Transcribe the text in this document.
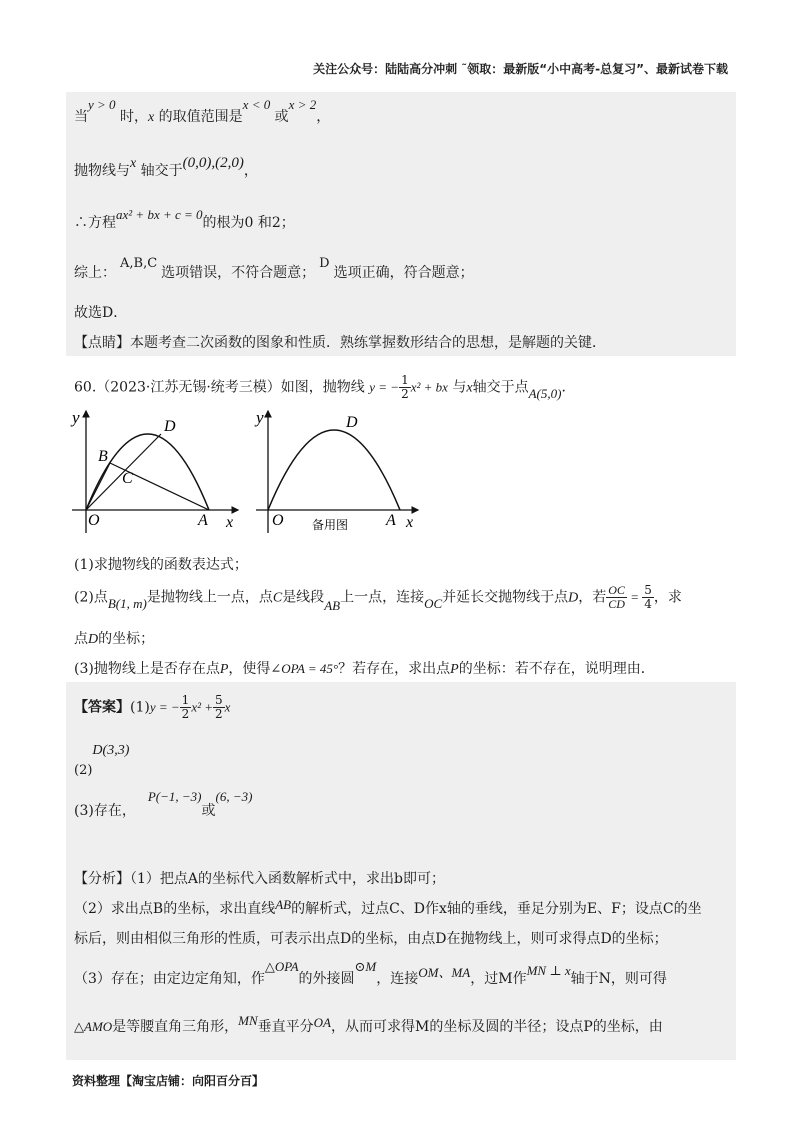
关注公众号：陆陆高分冲刺 ˜领取：最新版“小中高考-总复习”、最新试卷下载
当y > 0 时，x 的取值范围是x < 0 或x > 2，
抛物线与x 轴交于(0,0),(2,0)，
∴方程ax² + bx + c = 0的根为0 和2；
综上：A,B,C选项错误，不符合题意；D选项正确，符合题意；
故选D．
【点睛】本题考查二次函数的图象和性质．熟练掌握数形结合的思想，是解题的关键．
60.（2023·江苏无锡·统考三模）如图，抛物线 y = − $\frac{1}{2} x^2$ + bx 与x轴交于点A(5,0)．
y
x
O	A
B
C
D	y
x
O	A
D
备用图
(1)求抛物线的函数表达式；
(2)点B(1, m)是抛物线上一点，点C是线段AB上一点，连接OC并延长交抛物线于点D，若 $\frac{OC}{CD} = \frac{5}{4}$ ，求
点D的坐标；
(3)抛物线上是否存在点P，使得∠OPA = 45°？若存在，求出点P的坐标：若不存在，说明理由．
【答案】(1)y = − $\frac{1}{2} x^2 + \frac{5}{2}$ x
(2)D(3,3)
(3)存在，P(−1, −3)或(6, −3)
【分析】（1）把点A的坐标代入函数解析式中，求出b即可；
（2）求出点B的坐标，求出直线AB的解析式，过点C、D作x轴的垂线，垂足分别为E、F；设点C的坐
标后，则由相似三角形的性质，可表示出点D的坐标，由点D在抛物线上，则可求得点D的坐标；
（3）存在；由定边定角知，作△OPA的外接圆⊙M，连接OM、MA，过M作MN ⊥ x轴于N，则可得
△AMO是等腰直角三角形，MN垂直平分OA，从而可求得M的坐标及圆的半径；设点P的坐标，由
资料整理【淘宝店铺：向阳百分百】
